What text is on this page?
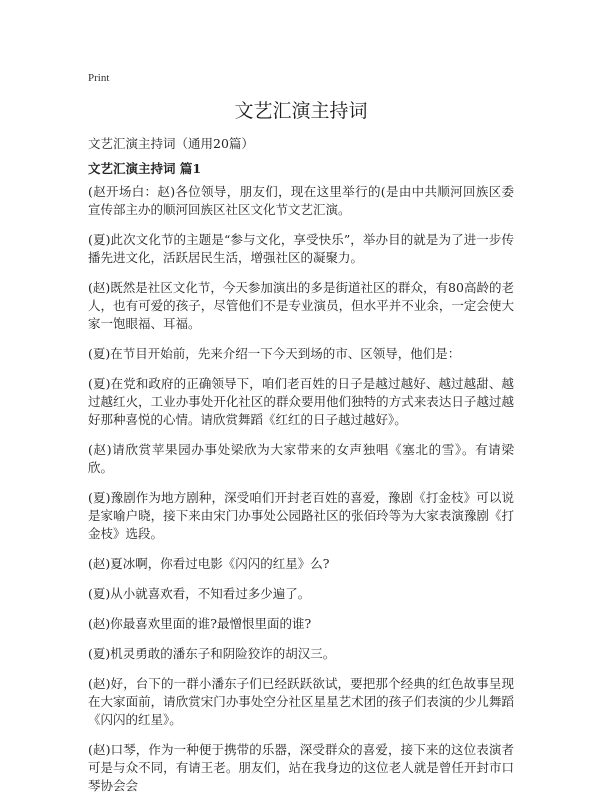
Print
文艺汇演主持词
文艺汇演主持词（通用20篇）
文艺汇演主持词 篇1

(赵开场白：赵)各位领导，朋友们，现在这里举行的(是由中共顺河回族区委宣传部主办的顺河回族区社区文化节文艺汇演。

(夏)此次文化节的主题是“参与文化，享受快乐”，举办目的就是为了进一步传播先进文化，活跃居民生活，增强社区的凝聚力。

(赵)既然是社区文化节，今天参加演出的多是街道社区的群众，有80高龄的老人，也有可爱的孩子，尽管他们不是专业演员，但水平并不业余，一定会使大家一饱眼福、耳福。

(夏)在节目开始前，先来介绍一下今天到场的市、区领导，他们是：

(夏)在党和政府的正确领导下，咱们老百姓的日子是越过越好、越过越甜、越过越红火，工业办事处开化社区的群众要用他们独特的方式来表达日子越过越好那种喜悦的心情。请欣赏舞蹈《红红的日子越过越好》。

(赵)请欣赏苹果园办事处梁欣为大家带来的女声独唱《塞北的雪》。有请梁欣。

(夏)豫剧作为地方剧种，深受咱们开封老百姓的喜爱，豫剧《打金枝》可以说是家喻户晓，接下来由宋门办事处公园路社区的张佰玲等为大家表演豫剧《打金枝》选段。

(赵)夏冰啊，你看过电影《闪闪的红星》么?

(夏)从小就喜欢看，不知看过多少遍了。

(赵)你最喜欢里面的谁?最憎恨里面的谁?

(夏)机灵勇敢的潘东子和阴险狡诈的胡汉三。

(赵)好，台下的一群小潘东子们已经跃跃欲试，要把那个经典的红色故事呈现在大家面前，请欣赏宋门办事处空分社区星星艺术团的孩子们表演的少儿舞蹈《闪闪的红星》。

(赵)口琴，作为一种便于携带的乐器，深受群众的喜爱，接下来的这位表演者可是与众不同，有请王老。朋友们，站在我身边的这位老人就是曾任开封市口琴协会会
